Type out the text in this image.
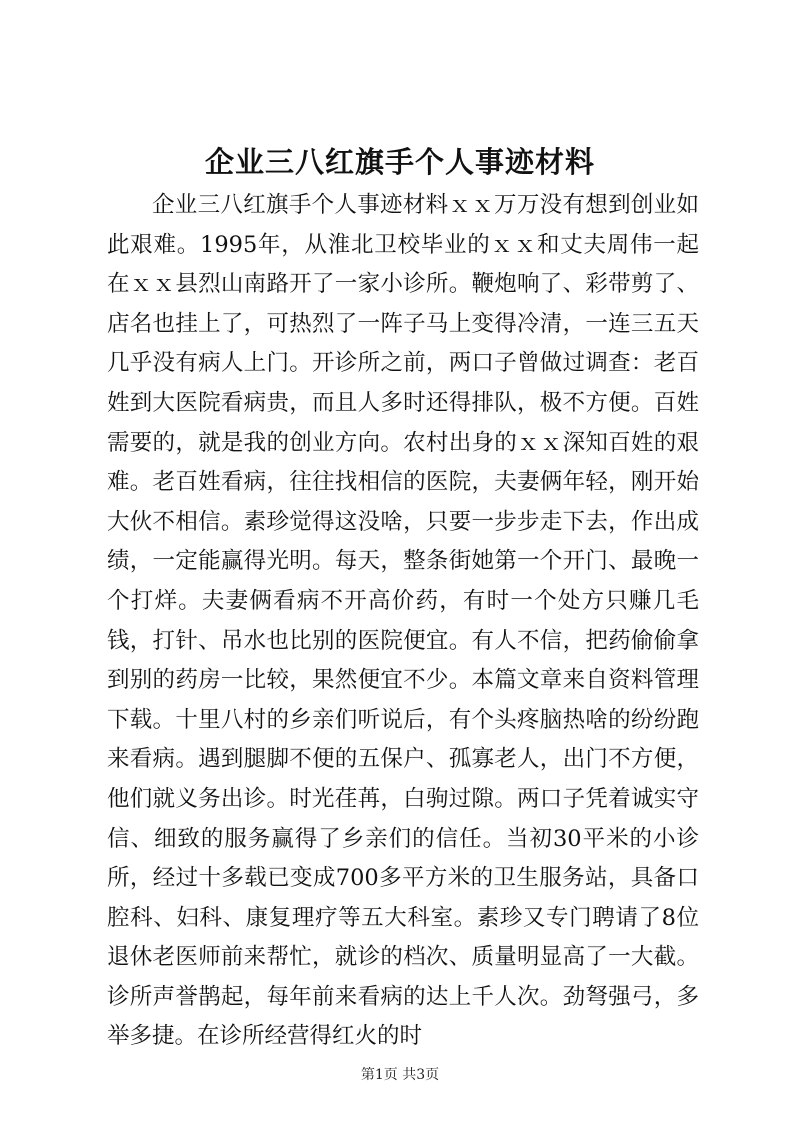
企业三八红旗手个人事迹材料

企业三八红旗手个人事迹材料ｘｘ万万没有想到创业如此艰难。1995年，从淮北卫校毕业的ｘｘ和丈夫周伟一起在ｘｘ县烈山南路开了一家小诊所。鞭炮响了、彩带剪了、店名也挂上了，可热烈了一阵子马上变得冷清，一连三五天几乎没有病人上门。开诊所之前，两口子曾做过调查：老百姓到大医院看病贵，而且人多时还得排队，极不方便。百姓需要的，就是我的创业方向。农村出身的ｘｘ深知百姓的艰难。老百姓看病，往往找相信的医院，夫妻俩年轻，刚开始大伙不相信。素珍觉得这没啥，只要一步步走下去，作出成绩，一定能赢得光明。每天，整条街她第一个开门、最晚一个打烊。夫妻俩看病不开高价药，有时一个处方只赚几毛钱，打针、吊水也比别的医院便宜。有人不信，把药偷偷拿到别的药房一比较，果然便宜不少。本篇文章来自资料管理下载。十里八村的乡亲们听说后，有个头疼脑热啥的纷纷跑来看病。遇到腿脚不便的五保户、孤寡老人，出门不方便，他们就义务出诊。时光荏苒，白驹过隙。两口子凭着诚实守信、细致的服务赢得了乡亲们的信任。当初30平米的小诊所，经过十多载已变成700多平方米的卫生服务站，具备口腔科、妇科、康复理疗等五大科室。素珍又专门聘请了8位退休老医师前来帮忙，就诊的档次、质量明显高了一大截。诊所声誉鹊起，每年前来看病的达上千人次。劲弩强弓，多举多捷。在诊所经营得红火的时

第1页 共3页
